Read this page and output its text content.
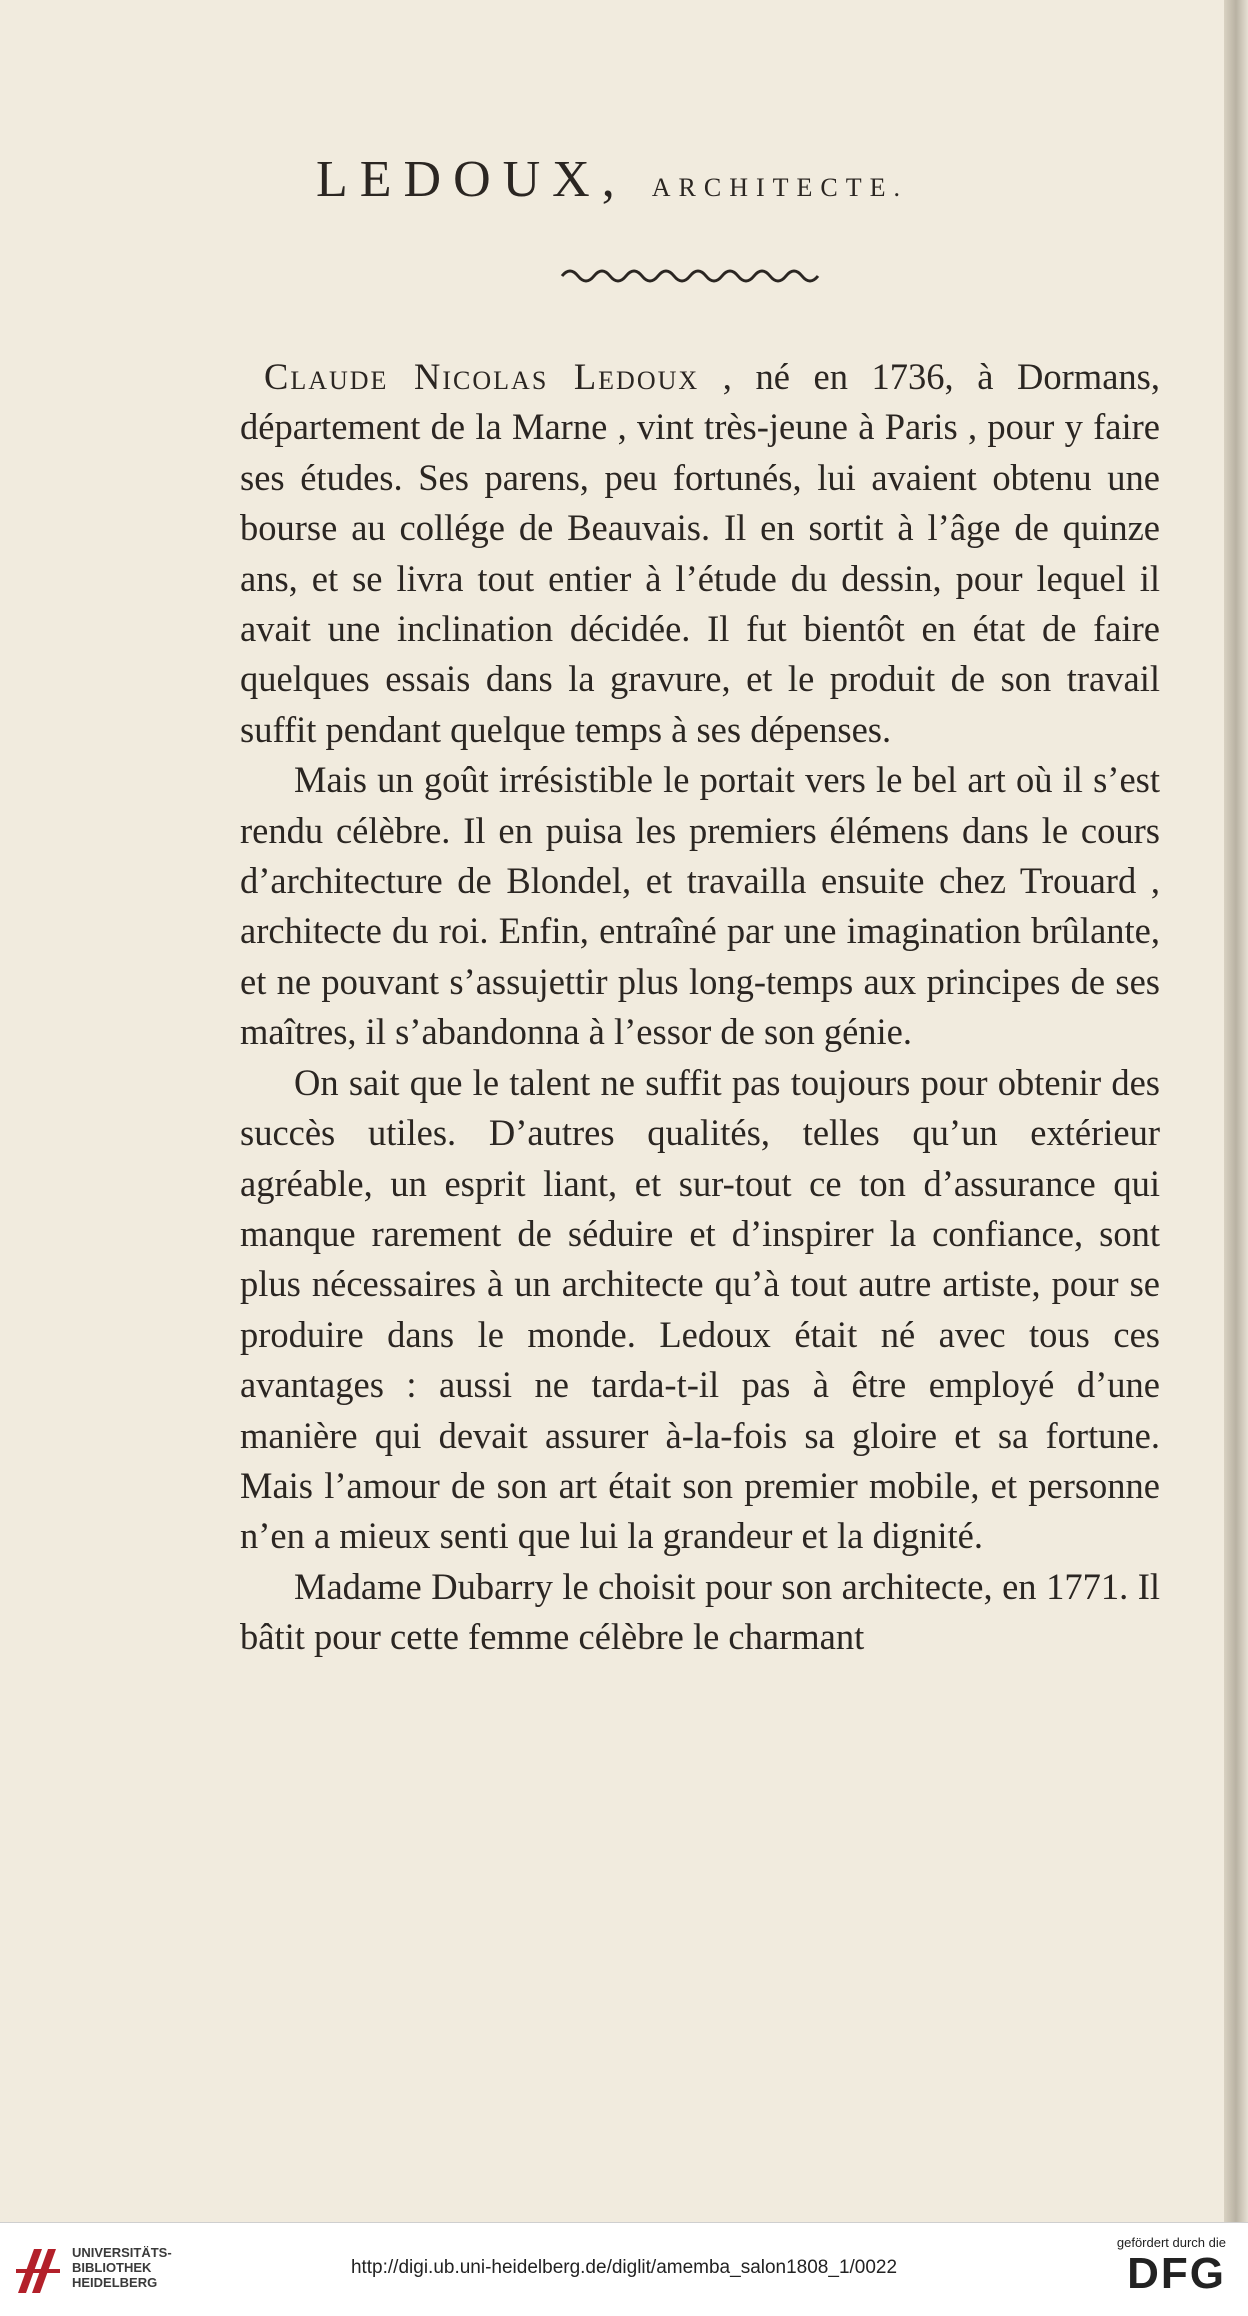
LEDOUX, ARCHITECTE.

Claude Nicolas Ledoux , né en 1736, à Dormans, département de la Marne , vint très-jeune à Paris , pour y faire ses études. Ses parens, peu fortunés, lui avaient obtenu une bourse au collége de Beauvais. Il en sortit à l’âge de quinze ans, et se livra tout entier à l’étude du dessin, pour lequel il avait une inclination décidée. Il fut bientôt en état de faire quelques essais dans la gravure, et le produit de son travail suffit pendant quelque temps à ses dépenses.

Mais un goût irrésistible le portait vers le bel art où il s’est rendu célèbre. Il en puisa les premiers élémens dans le cours d’architecture de Blondel, et travailla ensuite chez Trouard , architecte du roi. Enfin, entraîné par une imagination brûlante, et ne pouvant s’assujettir plus long-temps aux principes de ses maîtres, il s’abandonna à l’essor de son génie.

On sait que le talent ne suffit pas toujours pour obtenir des succès utiles. D’autres qualités, telles qu’un extérieur agréable, un esprit liant, et sur-tout ce ton d’assurance qui manque rarement de séduire et d’inspirer la confiance, sont plus nécessaires à un architecte qu’à tout autre artiste, pour se produire dans le monde. Ledoux était né avec tous ces avantages : aussi ne tarda-t-il pas à être employé d’une manière qui devait assurer à-la-fois sa gloire et sa fortune. Mais l’amour de son art était son premier mobile, et personne n’en a mieux senti que lui la grandeur et la dignité.

Madame Dubarry le choisit pour son architecte, en 1771. Il bâtit pour cette femme célèbre le charmant

UNIVERSITÄTS-
BIBLIOTHEK
HEIDELBERG
http://digi.ub.uni-heidelberg.de/diglit/amemba_salon1808_1/0022
gefördert durch die
DFG
